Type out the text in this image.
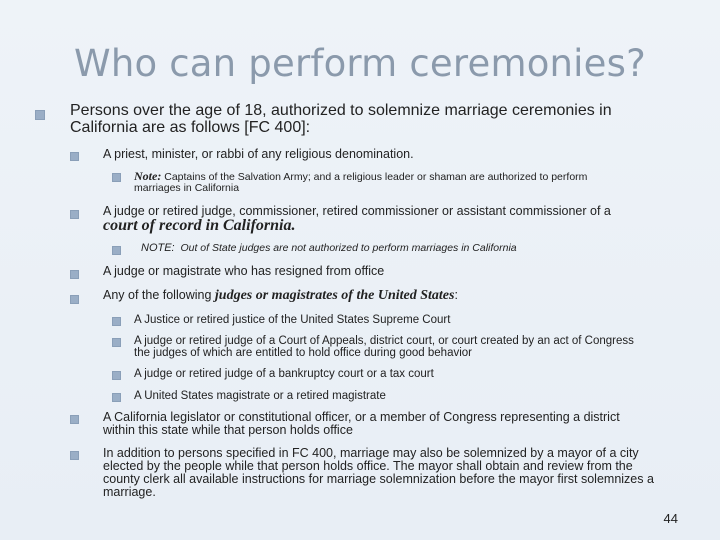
Who can perform ceremonies?
Persons over the age of 18, authorized to solemnize marriage ceremonies in
California are as follows [FC 400]:
A priest, minister, or rabbi of any religious denomination.
Note: Captains of the Salvation Army; and a religious leader or shaman are authorized to perform
marriages in California
A judge or retired judge, commissioner, retired commissioner or assistant commissioner of a
court of record in California.
NOTE: Out of State judges are not authorized to perform marriages in California
A judge or magistrate who has resigned from office
Any of the following judges or magistrates of the United States:
A Justice or retired justice of the United States Supreme Court
A judge or retired judge of a Court of Appeals, district court, or court created by an act of Congress
the judges of which are entitled to hold office during good behavior
A judge or retired judge of a bankruptcy court or a tax court
A United States magistrate or a retired magistrate
A California legislator or constitutional officer, or a member of Congress representing a district
within this state while that person holds office
In addition to persons specified in FC 400, marriage may also be solemnized by a mayor of a city
elected by the people while that person holds office. The mayor shall obtain and review from the
county clerk all available instructions for marriage solemnization before the mayor first solemnizes a
marriage.
44
